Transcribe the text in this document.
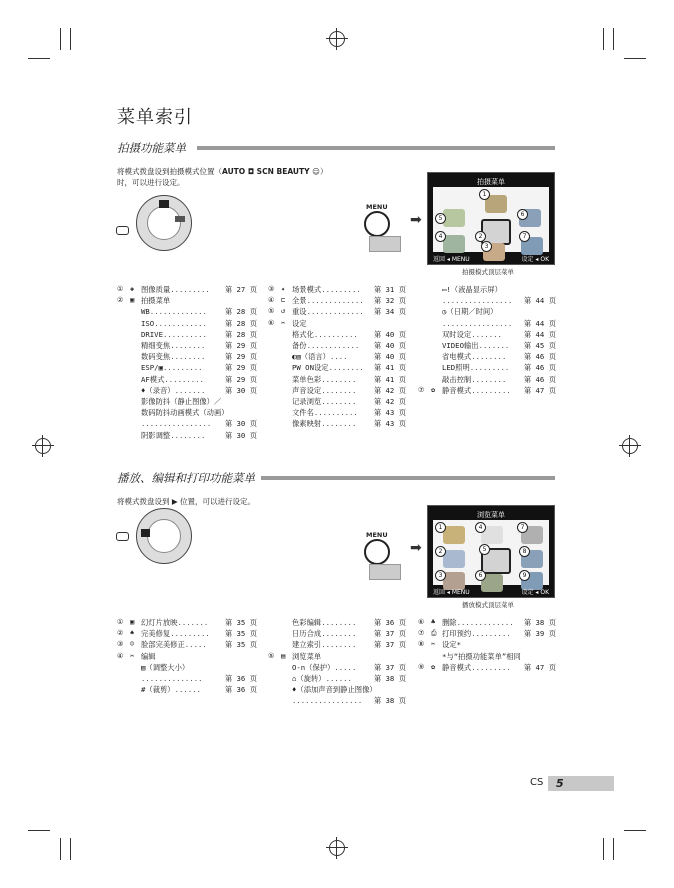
菜单索引
拍摄功能菜单
将模式拨盘设到拍摄模式位置（AUTO ◘ SCN BEAUTY ☺）
时，可以进行设定。
MENU
➡
拍摄菜单
1
5
6
4	2
3
7
返回 ◂ MENU	设定 ◂ OK
拍摄模式顶层菜单
① ◈ 图像质量 .........	第 27 页
② ▣ 拍摄菜单
WB .............	第 28 页
ISO ............	第 28 页
DRIVE ..........	第 28 页
精细变焦 ........	第 29 页
数码变焦 ........	第 29 页
ESP/▣ .........	第 29 页
AF模式 .........	第 29 页
♦（录音） .......	第 30 页
影像防抖（静止图像）／
数码防抖动画模式（动画）
................	第 30 页
阴影调整 ........	第 30 页
③ ✦ 场景模式 .........	第 31 页
④ ⊏ 全景 .............	第 32 页
⑤ ↺ 重设 .............	第 34 页
⑥ ✂ 设定
格式化 ..........	第 40 页
备份 ............	第 40 页
◐▤（语言） ....	第 40 页
PW ON设定 ........	第 41 页
菜单色彩 ........	第 41 页
声音设定 ........	第 42 页
记录浏览 ........	第 42 页
文件名 ..........	第 43 页
像素映射 ........	第 43 页
▭!（液晶显示屏）
................	第 44 页
◷（日期／时间）
................	第 44 页
双时设定 .......	第 44 页
VIDEO输出 .......	第 45 页
省电模式 ........	第 46 页
LED照明 .........	第 46 页
敲击控制 ........	第 46 页
⑦ ✿ 静音模式 .........	第 47 页
播放、编辑和打印功能菜单
将模式拨盘设到 ▶ 位置，可以进行设定。
MENU
➡
浏览菜单
1	4	7
2	5	8
3	6	9
返回 ◂ MENU	设定 ◂ OK
播放模式顶层菜单
① ▣ 幻灯片放映 .......	第 35 页
② ♠ 完美修复 .........	第 35 页
③ ☺ 脸部完美修正 .....	第 35 页
④ ✂ 编辑
▤（调整大小）
..............	第 36 页
#（裁剪） ......	第 36 页
色彩编辑 ........	第 36 页
日历合成 ........	第 37 页
建立索引 ........	第 37 页
⑤ ▤ 浏览菜单
O‑n（保护） .....	第 37 页
⌂（旋转） ......	第 38 页
♦（添加声音到静止图像）
................	第 38 页
⑥ ♣ 删除 .............	第 38 页
⑦ ⎙ 打印预约 .........	第 39 页
⑧ ✂ 设定*
*与“拍摄功能菜单”相同
⑨ ✿ 静音模式 .........	第 47 页
CS 5
